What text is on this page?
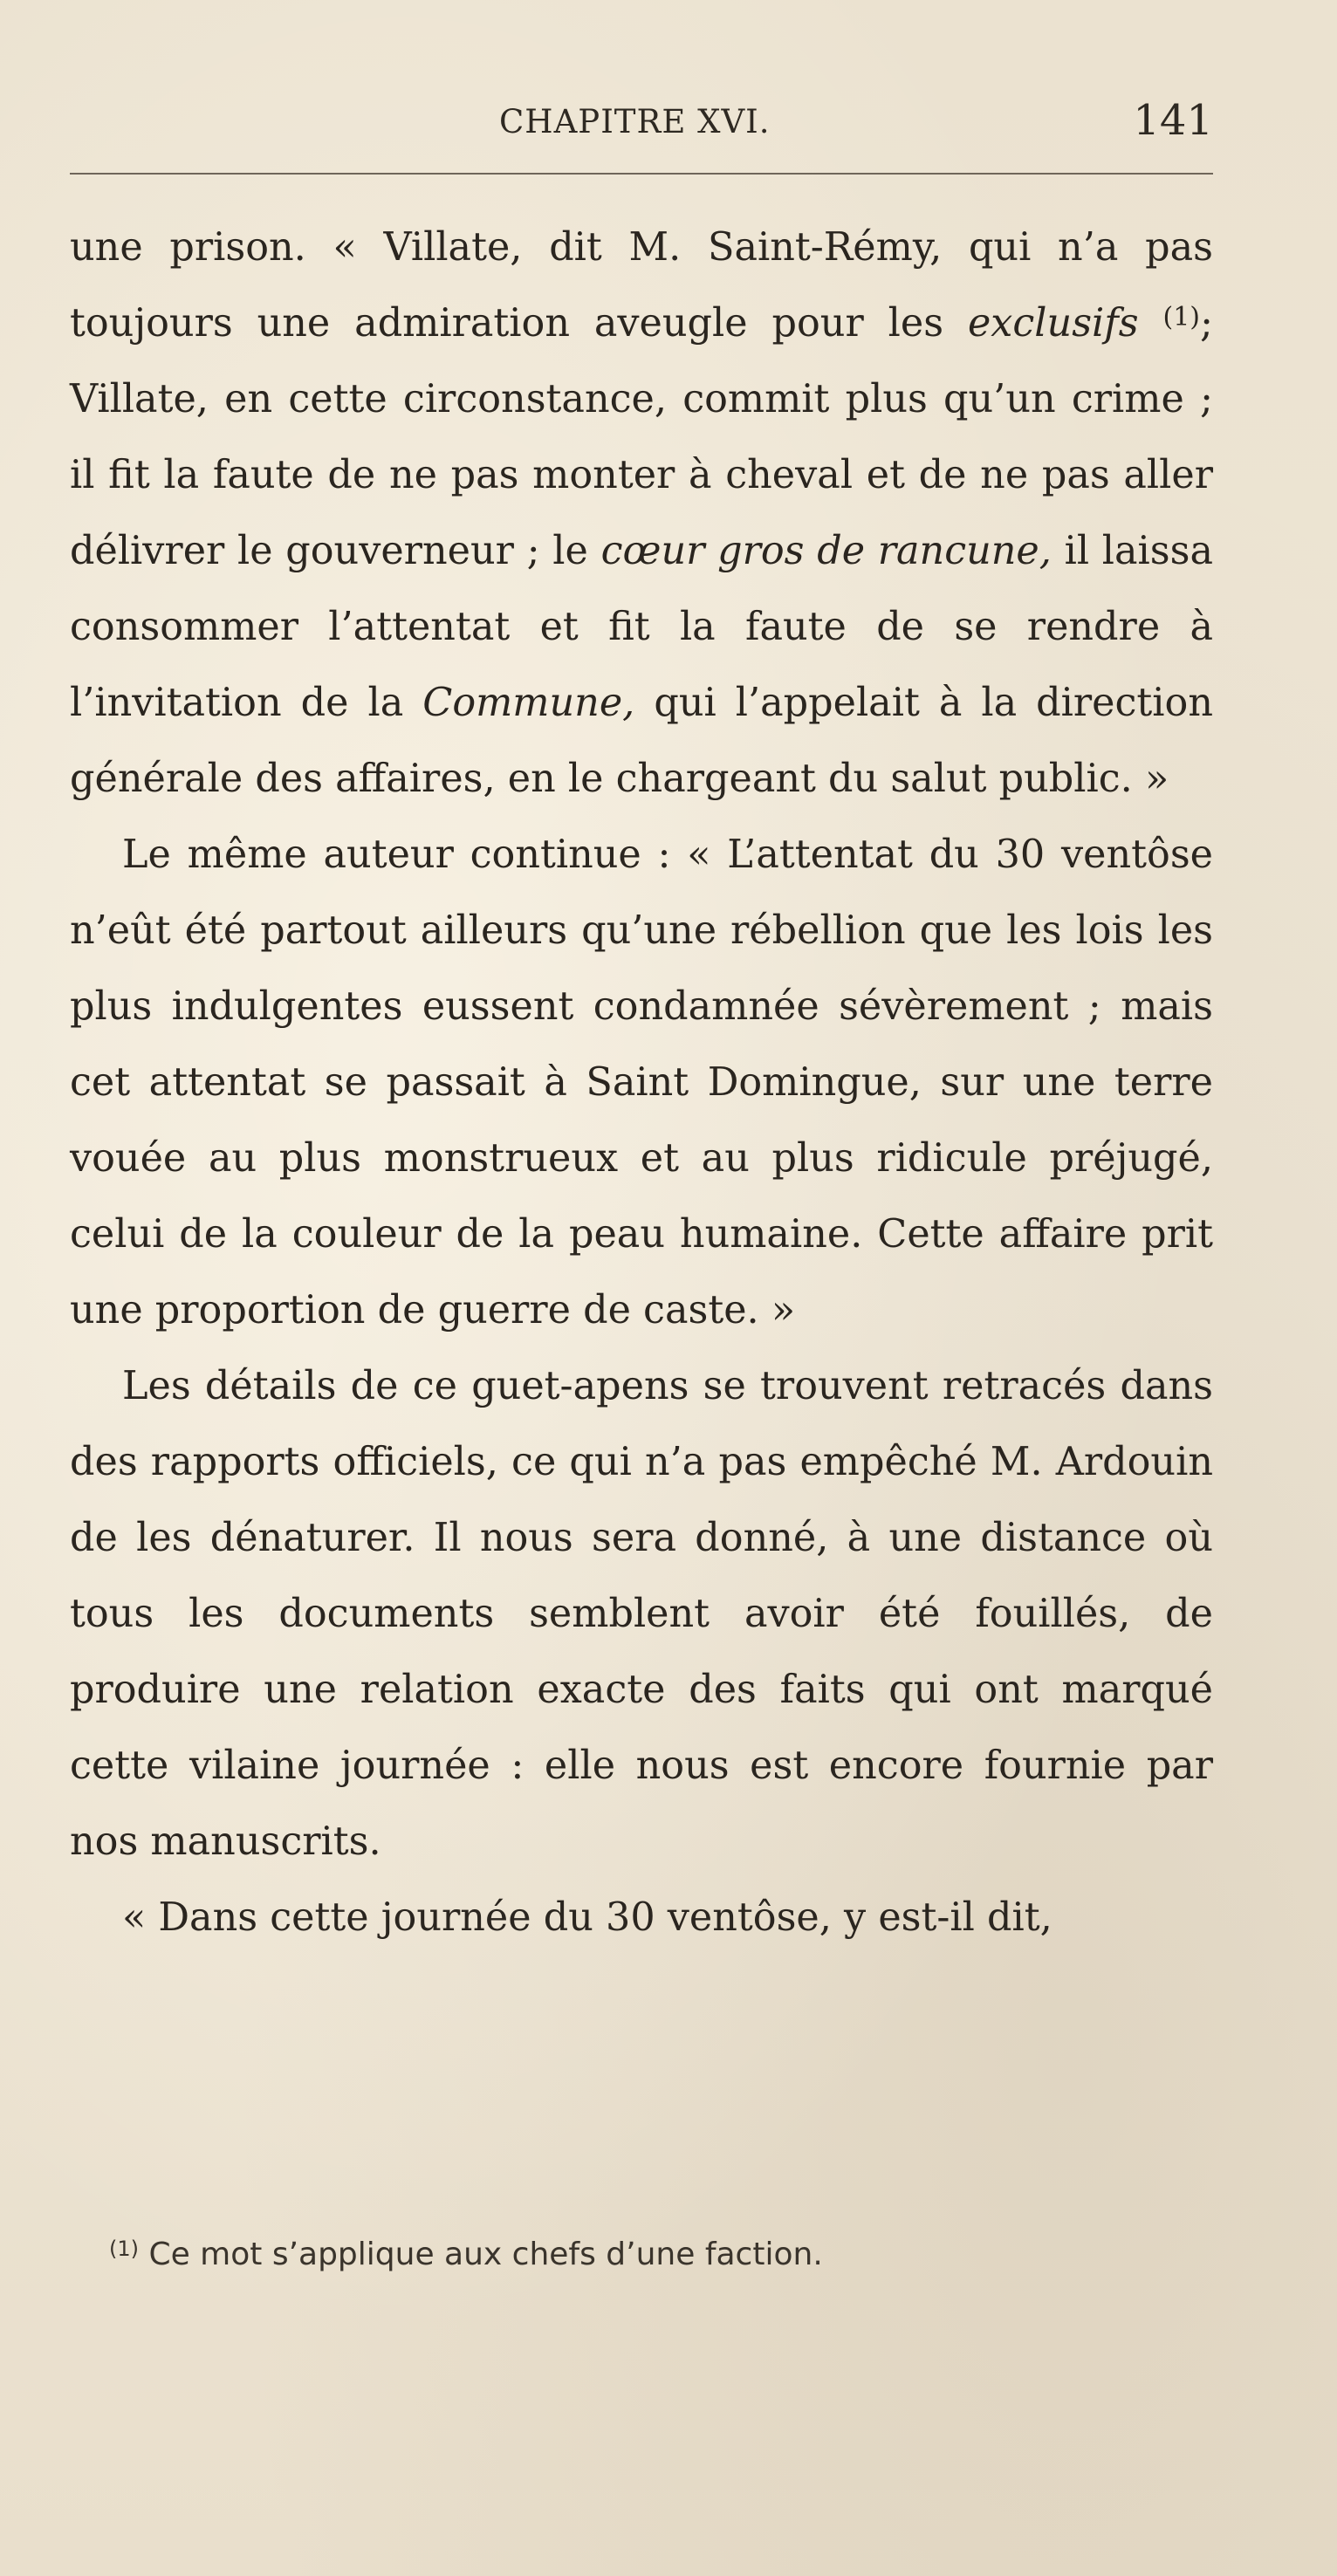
CHAPITRE XVI.	141

une prison. « Villate, dit M. Saint-Rémy, qui n’a pas toujours une admiration aveugle pour les exclusifs $^{(1)}$; Villate, en cette circonstance, commit plus qu’un crime ; il fit la faute de ne pas monter à cheval et de ne pas aller délivrer le gouverneur ; le cœur gros de rancune, il laissa consommer l’attentat et fit la faute de se rendre à l’invitation de la Commune, qui l’appelait à la direction générale des affaires, en le chargeant du salut public. »

Le même auteur continue : « L’attentat du 30 ventôse n’eût été partout ailleurs qu’une rébellion que les lois les plus indulgentes eussent condamnée sévèrement ; mais cet attentat se passait à Saint Domingue, sur une terre vouée au plus monstrueux et au plus ridicule préjugé, celui de la couleur de la peau humaine. Cette affaire prit une proportion de guerre de caste. »

Les détails de ce guet-apens se trouvent retracés dans des rapports officiels, ce qui n’a pas empêché M. Ardouin de les dénaturer. Il nous sera donné, à une distance où tous les documents semblent avoir été fouillés, de produire une relation exacte des faits qui ont marqué cette vilaine journée : elle nous est encore fournie par nos manuscrits.

« Dans cette journée du 30 ventôse, y est-il dit,

$^{(1)}$ Ce mot s’applique aux chefs d’une faction.
